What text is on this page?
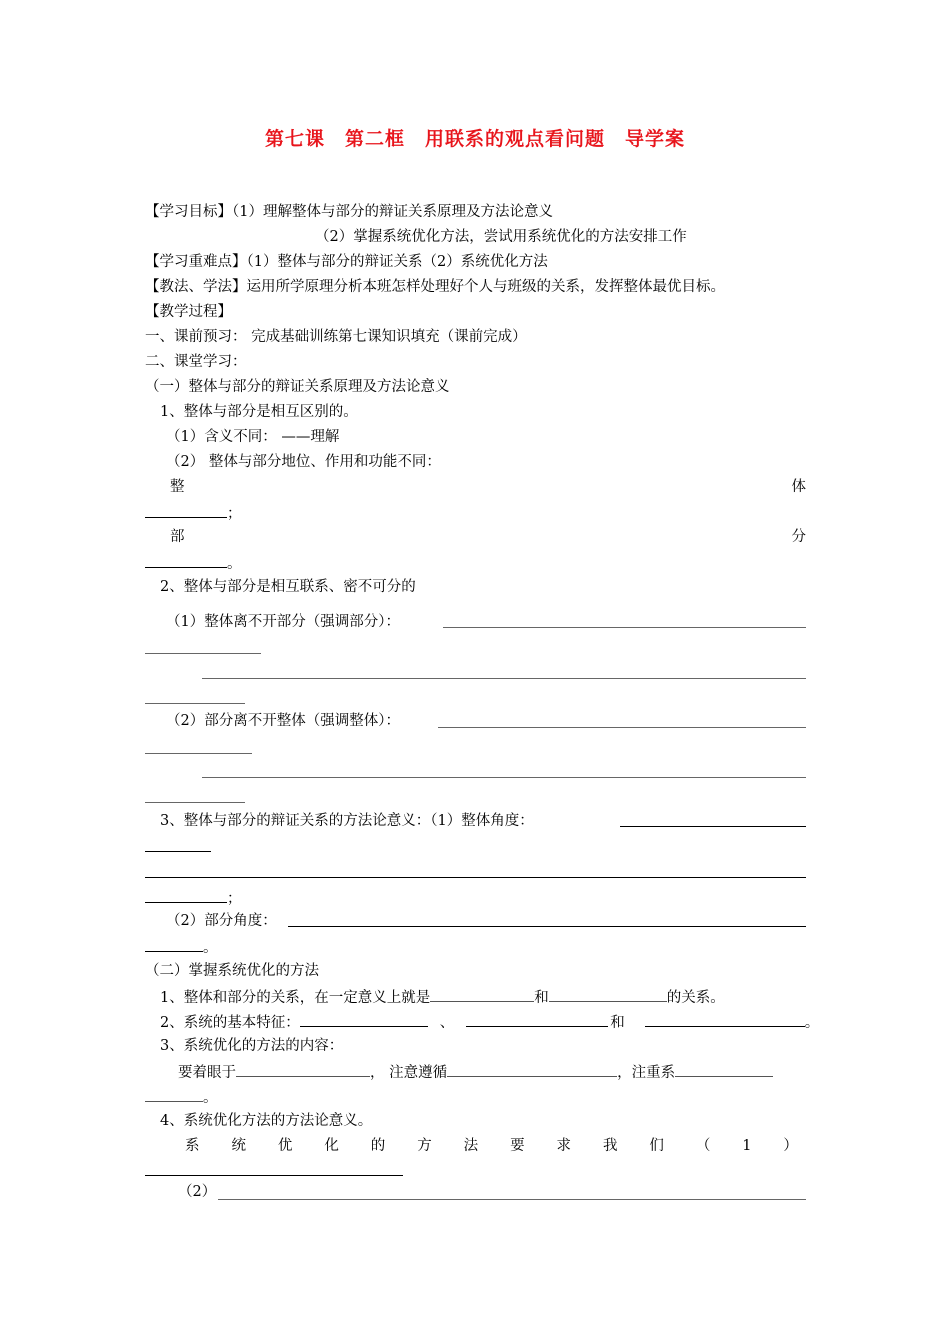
第七课　第二框　用联系的观点看问题　导学案
【学习目标】（1）理解整体与部分的辩证关系原理及方法论意义
（2）掌握系统优化方法，尝试用系统优化的方法安排工作
【学习重难点】（1）整体与部分的辩证关系（2）系统优化方法
【教法、学法】运用所学原理分析本班怎样处理好个人与班级的关系，发挥整体最优目标。
【教学过程】
一、课前预习： 完成基础训练第七课知识填充（课前完成）
二、课堂学习：
（一）整体与部分的辩证关系原理及方法论意义
1、整体与部分是相互区别的。
（1）含义不同： ——理解
（2） 整体与部分地位、作用和功能不同：
整	体
；
部	分
。
2、整体与部分是相互联系、密不可分的
（1）整体离不开部分（强调部分）：
（2）部分离不开整体（强调整体）：
3、整体与部分的辩证关系的方法论意义：（1）整体角度：
；
（2）部分角度：
。
（二）掌握系统优化的方法
1、整体和部分的关系，在一定意义上就是	和	的关系。
2、系统的基本特征：	、	和	。
3、系统优化的方法的内容：
要着眼于	， 注意遵循	，注重系
。
4、系统优化方法的方法论意义。
系 统 优 化 的 方 法 要 求 我 们 （ 1 ）
（2）
